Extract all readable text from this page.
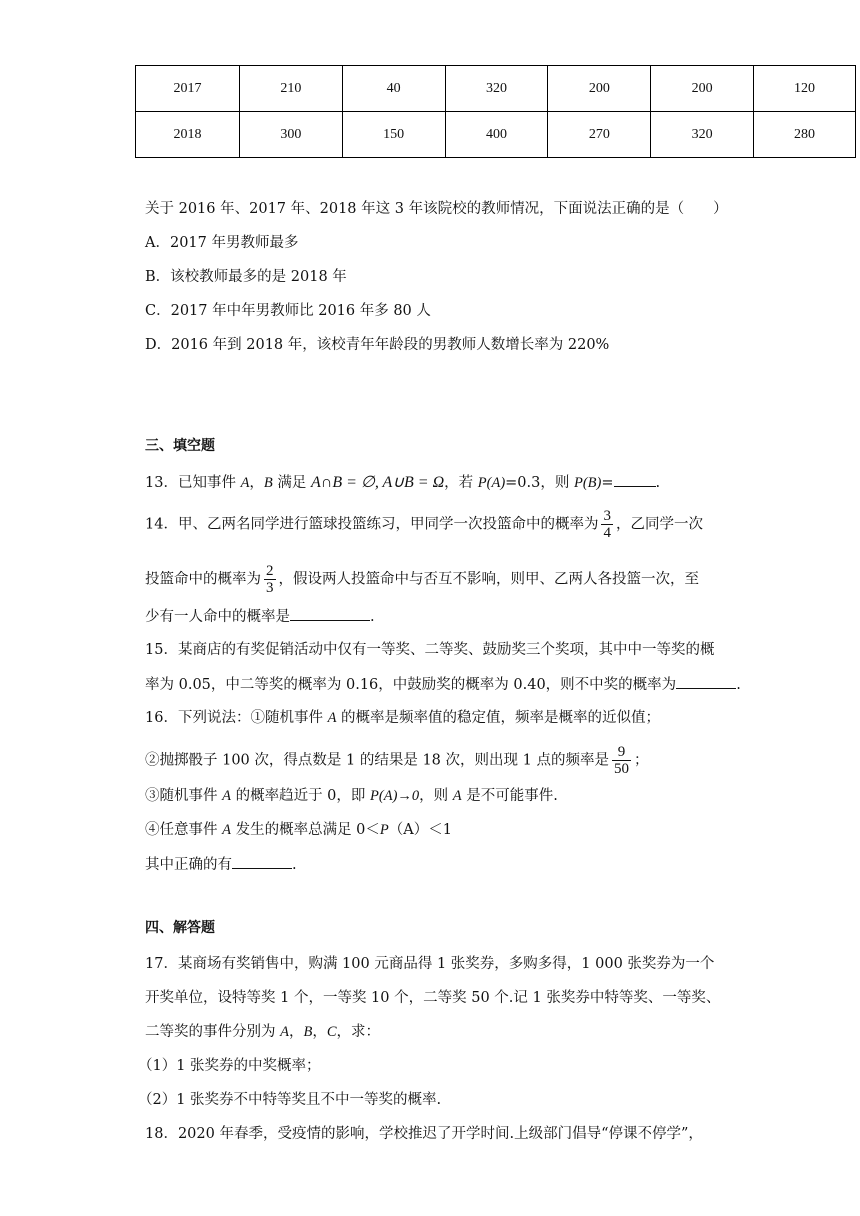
2017	210	40	320	200	200	120
2018	300	150	400	270	320	280
关于 2016 年、2017 年、2018 年这 3 年该院校的教师情况，下面说法正确的是（　　）
A．2017 年男教师最多
B．该校教师最多的是 2018 年
C．2017 年中年男教师比 2016 年多 80 人
D．2016 年到 2018 年，该校青年年龄段的男教师人数增长率为 220%
三、填空题
13．已知事件 A，B 满足 A∩B = ∅, A∪B = Ω，若 P(A)=0.3，则 P(B)=	.
14．甲、乙两名同学进行篮球投篮练习，甲同学一次投篮命中的概率为 $\frac{3}{4}$ ，乙同学一次
投篮命中的概率为 $\frac{2}{3}$ ，假设两人投篮命中与否互不影响，则甲、乙两人各投篮一次，至
少有一人命中的概率是	.
15．某商店的有奖促销活动中仅有一等奖、二等奖、鼓励奖三个奖项，其中中一等奖的概
率为 0.05，中二等奖的概率为 0.16，中鼓励奖的概率为 0.40，则不中奖的概率为	.
16．下列说法：①随机事件 A 的概率是频率值的稳定值，频率是概率的近似值；
②抛掷骰子 100 次，得点数是 1 的结果是 18 次，则出现 1 点的频率是 $\frac{9}{50}$ ；
③随机事件 A 的概率趋近于 0，即 P(A)→0，则 A 是不可能事件.
④任意事件 A 发生的概率总满足 0＜P（A）＜1
其中正确的有	.
四、解答题
17．某商场有奖销售中，购满 100 元商品得 1 张奖券，多购多得，1 000 张奖券为一个
开奖单位，设特等奖 1 个，一等奖 10 个，二等奖 50 个.记 1 张奖券中特等奖、一等奖、
二等奖的事件分别为 A，B，C，求：
（1）1 张奖券的中奖概率；
（2）1 张奖券不中特等奖且不中一等奖的概率.
18．2020 年春季，受疫情的影响，学校推迟了开学时间.上级部门倡导“停课不停学”，
